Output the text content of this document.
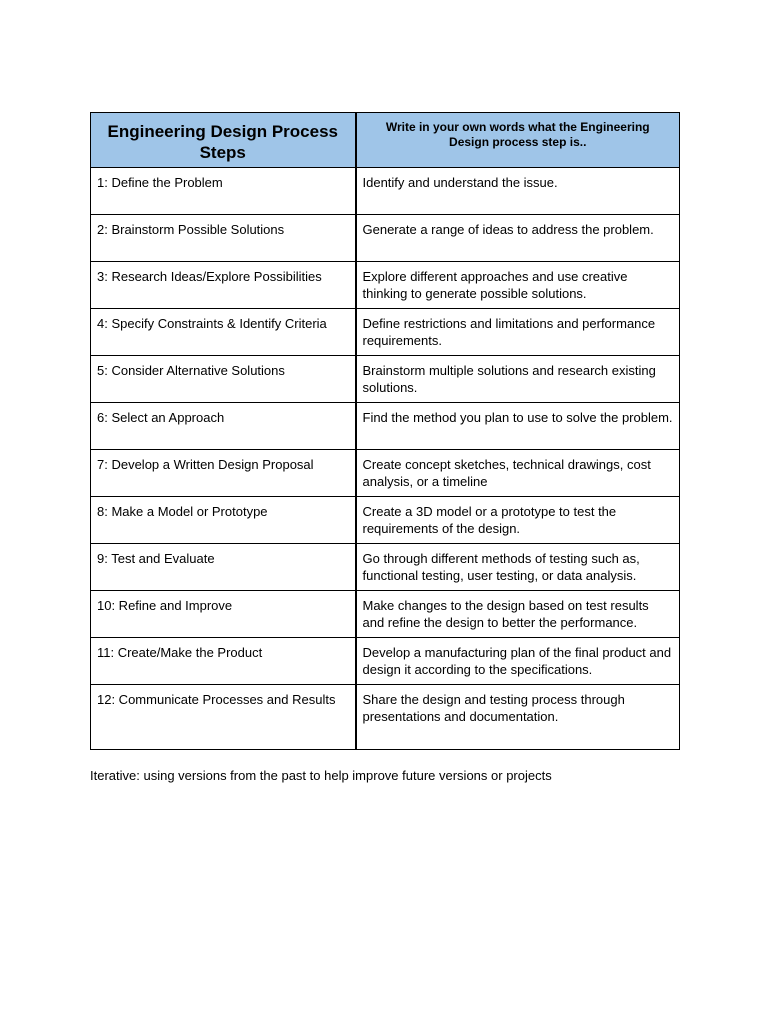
Engineering Design Process Steps	Write in your own words what the Engineering Design process step is..
1: Define the Problem	Identify and understand the issue.
2: Brainstorm Possible Solutions	Generate a range of ideas to address the problem.
3: Research Ideas/Explore Possibilities	Explore different approaches and use creative thinking to generate possible solutions.
4: Specify Constraints & Identify Criteria	Define restrictions and limitations and performance requirements.
5: Consider Alternative Solutions	Brainstorm multiple solutions and research existing solutions.
6: Select an Approach	Find the method you plan to use to solve the problem.
7: Develop a Written Design Proposal	Create concept sketches, technical drawings, cost analysis, or a timeline
8: Make a Model or Prototype	Create a 3D model or a prototype to test the requirements of the design.
9: Test and Evaluate	Go through different methods of testing such as, functional testing, user testing, or data analysis.
10: Refine and Improve	Make changes to the design based on test results and refine the design to better the performance.
11: Create/Make the Product	Develop a manufacturing plan of the final product and design it according to the specifications.
12: Communicate Processes and Results	Share the design and testing process through presentations and documentation.
Iterative: using versions from the past to help improve future versions or projects
